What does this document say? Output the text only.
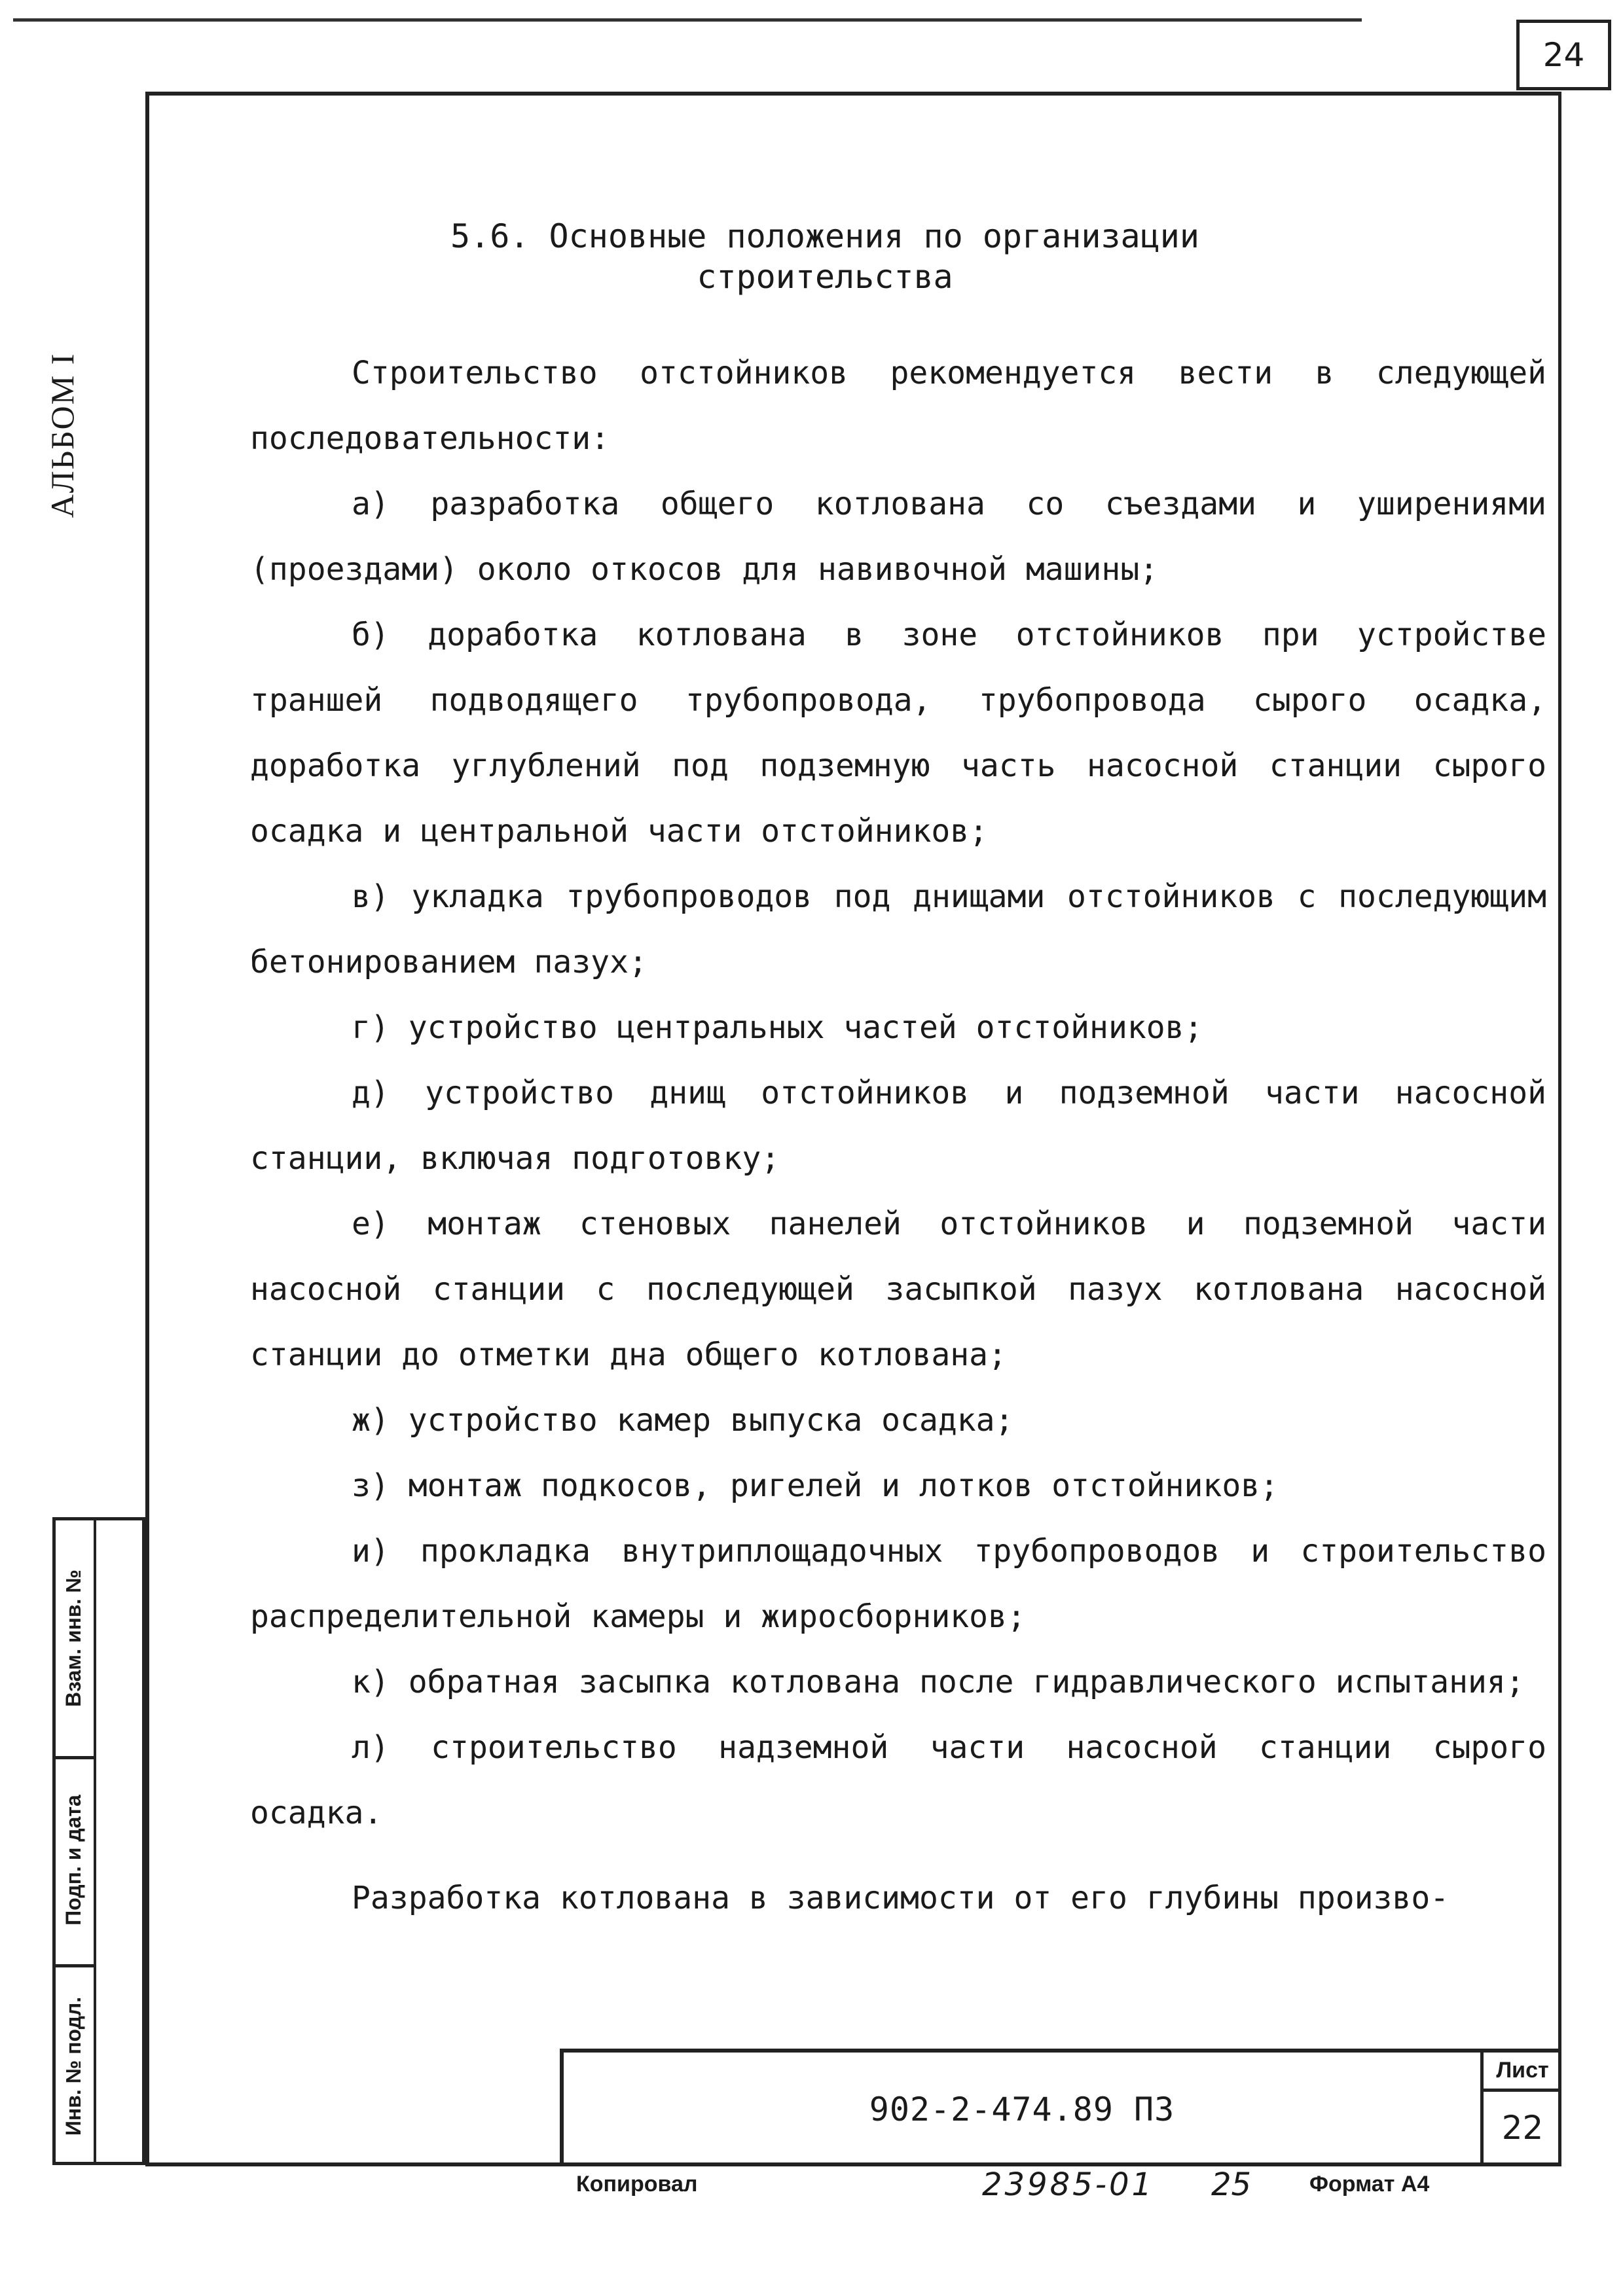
24
АЛЬБОМ I
Взам. инв. №
Подп. и дата
Инв. № подл.
5.6. Основные положения по организации
строительства

Строительство отстойников рекомендуется вести в следующей последовательности:

а) разработка общего котлована со съездами и уширениями (проездами) около откосов для навивочной машины;

б) доработка котлована в зоне отстойников при устройстве траншей подводящего трубопровода, трубопровода сырого осадка, доработка углублений под подземную часть насосной станции сырого осадка и центральной части отстойников;

в) укладка трубопроводов под днищами отстойников с последующим бетонированием пазух;

г) устройство центральных частей отстойников;

д) устройство днищ отстойников и подземной части насосной станции, включая подготовку;

е) монтаж стеновых панелей отстойников и подземной части насосной станции с последующей засыпкой пазух котлована насосной станции до отметки дна общего котлована;

ж) устройство камер выпуска осадка;

з) монтаж подкосов, ригелей и лотков отстойников;

и) прокладка внутриплощадочных трубопроводов и строительство распределительной камеры и жиросборников;

к) обратная засыпка котлована после гидравлического испытания;

л) строительство надземной части насосной станции сырого осадка.

Разработка котлована в зависимости от его глубины произво-

902-2-474.89 ПЗ
Лист
22
Копировал	23985-01 25	Формат А4
